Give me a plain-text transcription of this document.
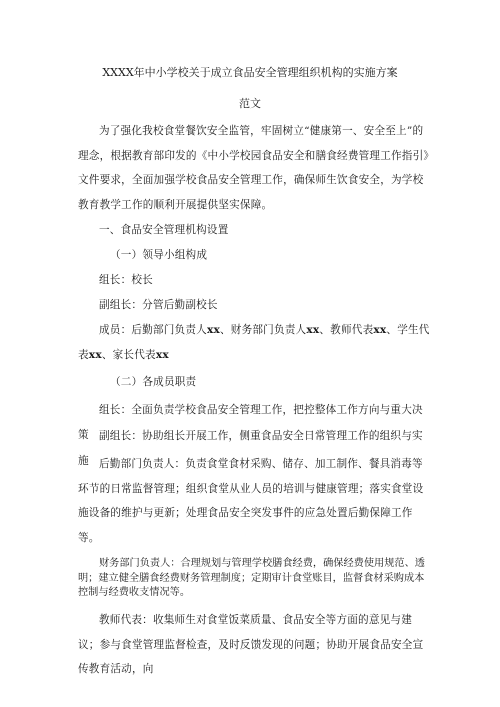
XXXX年中小学校关于成立食品安全管理组织机构的实施方案
范文

为了强化我校食堂餐饮安全监管，牢固树立“健康第一、安全至上”的理念，根据教育部印发的《中小学校园食品安全和膳食经费管理工作指引》文件要求，全面加强学校食品安全管理工作，确保师生饮食安全，为学校教育教学工作的顺利开展提供坚实保障。

一、食品安全管理机构设置

（一）领导小组构成

组长：校长

副组长：分管后勤副校长

成员：后勤部门负责人xx、财务部门负责人xx、教师代表xx、学生代表xx、家长代表xx

（二）各成员职责

组长：全面负责学校食品安全管理工作，把控整体工作方向与重大决策 副组长：协助组长开展工作，侧重食品安全日常管理工作的组织与实施 后勤部门负责人：负责食堂食材采购、储存、加工制作、餐具消毒等环节的日常监督管理；组织食堂从业人员的培训与健康管理；落实食堂设施设备的维护与更新；处理食品安全突发事件的应急处置后勤保障工作等。

财务部门负责人：合理规划与管理学校膳食经费，确保经费使用规范、透明；建立健全膳食经费财务管理制度；定期审计食堂账目，监督食材采购成本控制与经费收支情况等。

教师代表：收集师生对食堂饭菜质量、食品安全等方面的意见与建议；参与食堂管理监督检查，及时反馈发现的问题；协助开展食品安全宣传教育活动，向
